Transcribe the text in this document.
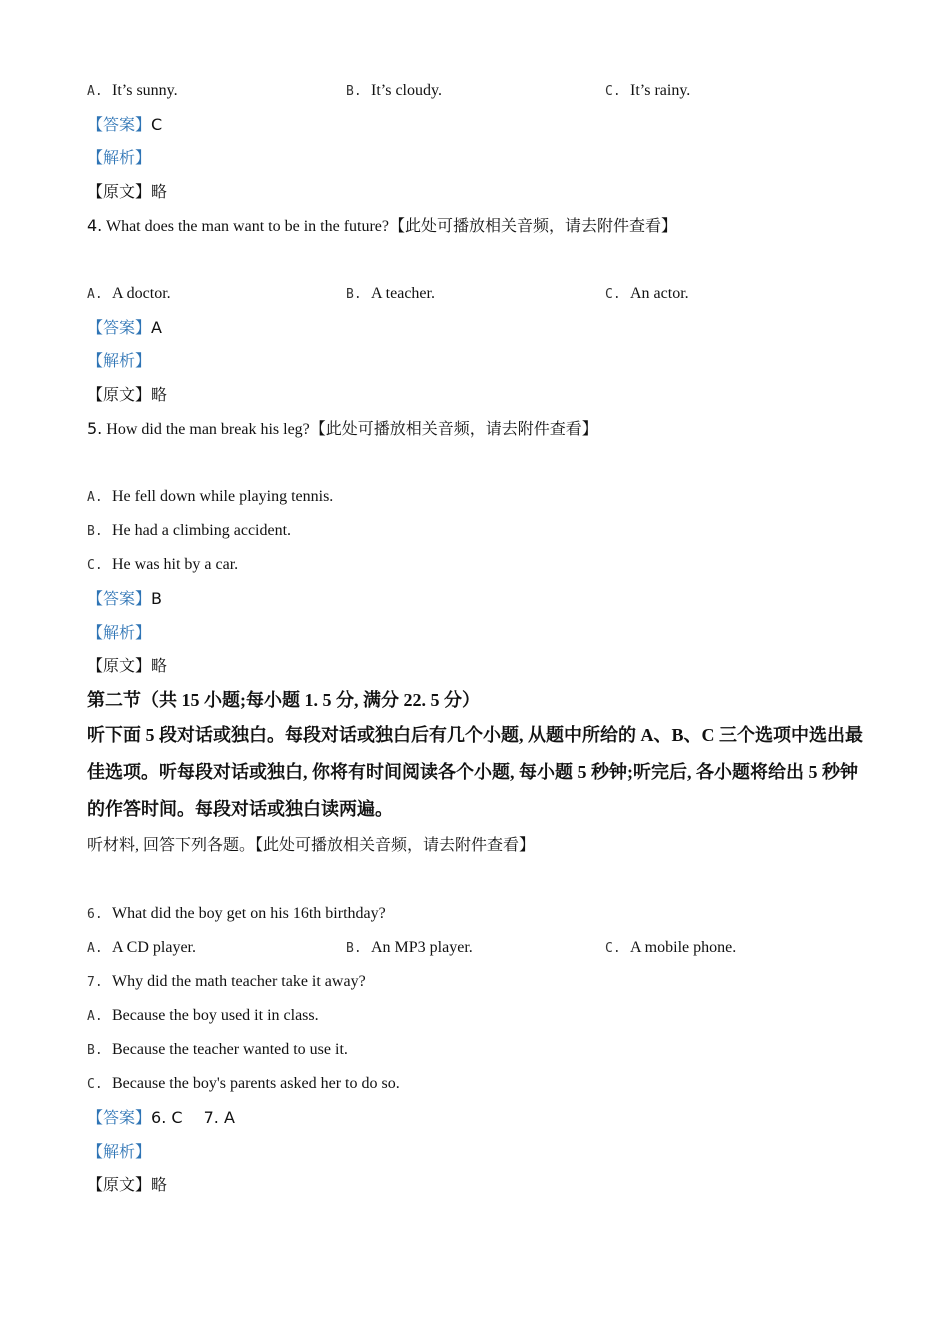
A. It’s sunny.	B. It’s cloudy.	C. It’s rainy.
【答案】C
【解析】
【原文】略
4. What does the man want to be in the future?【此处可播放相关音频，请去附件查看】
A. A doctor.	B. A teacher.	C. An actor.
【答案】A
【解析】
【原文】略
5. How did the man break his leg?【此处可播放相关音频，请去附件查看】
A. He fell down while playing tennis.
B. He had a climbing accident.
C. He was hit by a car.
【答案】B
【解析】
【原文】略
第二节（共 15 小题;每小题 1. 5 分, 满分 22. 5 分）
听下面 5 段对话或独白。每段对话或独白后有几个小题, 从题中所给的 A、B、C 三个选项中选出最佳选项。听每段对话或独白, 你将有时间阅读各个小题, 每小题 5 秒钟;听完后, 各小题将给出 5 秒钟的作答时间。每段对话或独白读两遍。
听材料, 回答下列各题。【此处可播放相关音频，请去附件查看】
6. What did the boy get on his 16th birthday?
A. A CD player.	B. An MP3 player.	C. A mobile phone.
7. Why did the math teacher take it away?
A. Because the boy used it in class.
B. Because the teacher wanted to use it.
C. Because the boy's parents asked her to do so.
【答案】6. C　 7. A
【解析】
【原文】略
